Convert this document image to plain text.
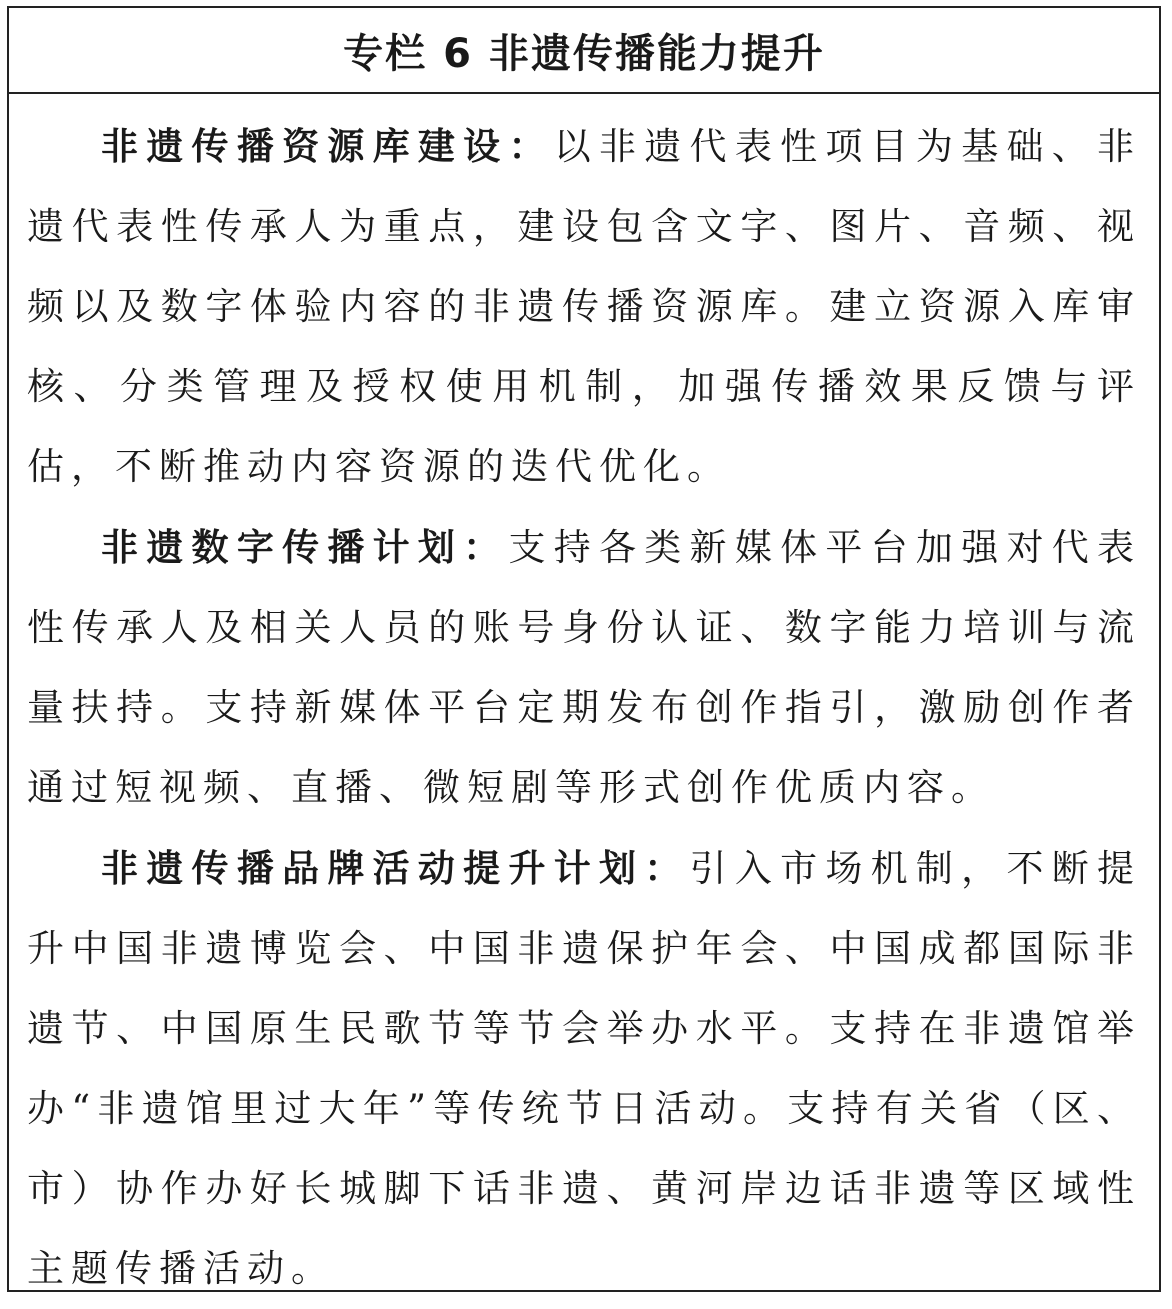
专栏 6 非遗传播能力提升

非遗传播资源库建设：以非遗代表性项目为基础、非遗代表性传承人为重点，建设包含文字、图片、音频、视频以及数字体验内容的非遗传播资源库。建立资源入库审核、分类管理及授权使用机制，加强传播效果反馈与评估，不断推动内容资源的迭代优化。

非遗数字传播计划：支持各类新媒体平台加强对代表性传承人及相关人员的账号身份认证、数字能力培训与流量扶持。支持新媒体平台定期发布创作指引，激励创作者通过短视频、直播、微短剧等形式创作优质内容。

非遗传播品牌活动提升计划：引入市场机制，不断提升中国非遗博览会、中国非遗保护年会、中国成都国际非遗节、中国原生民歌节等节会举办水平。支持在非遗馆举办“非遗馆里过大年”等传统节日活动。支持有关省（区、市）协作办好长城脚下话非遗、黄河岸边话非遗等区域性主题传播活动。
